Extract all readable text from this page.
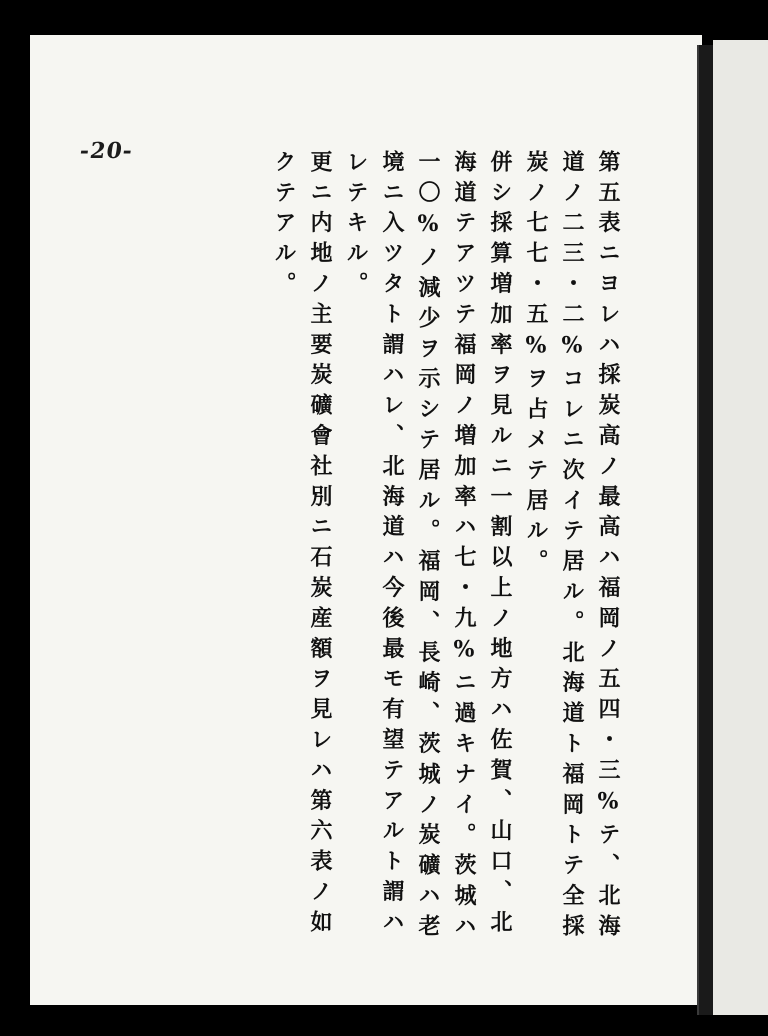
-20-	第五表ニヨレハ採炭高ノ最高ハ福岡ノ五四・三%テ、北海道ノ二三・二%コレニ次イテ居ル。北海道ト福岡トテ全採炭ノ七七・五%ヲ占メテ居ル。

併シ採算増加率ヲ見ルニ一割以上ノ地方ハ佐賀、山口、北海道テアツテ福岡ノ増加率ハ七・九%ニ過キナイ。茨城ハ一〇%ノ減少ヲ示シテ居ル。福岡、長崎、茨城ノ炭礦ハ老境ニ入ツタト謂ハレ、北海道ハ今後最モ有望テアルト謂ハレテキル。

更ニ内地ノ主要炭礦會社別ニ石炭産額ヲ見レハ第六表ノ如クテアル。
